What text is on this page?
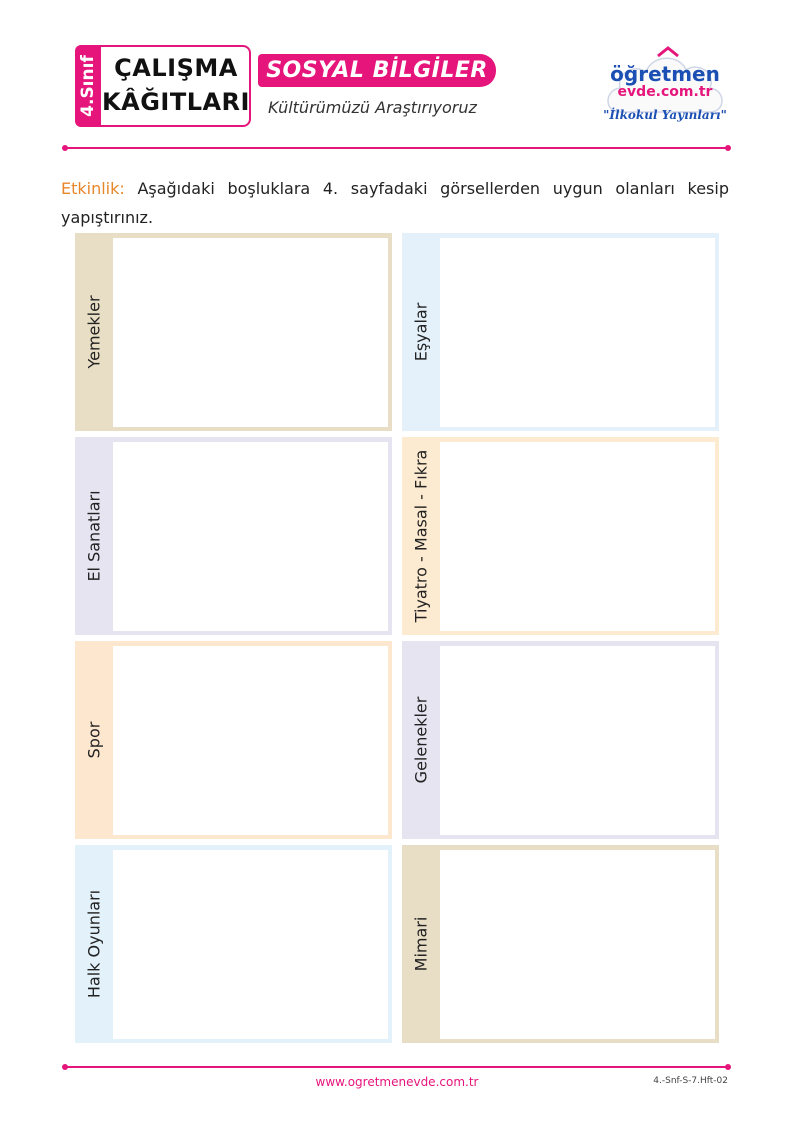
4.Sınıf ÇALIŞMA
KÂĞITLARI
SOSYAL BİLGİLER
Kültürümüzü Araştırıyoruz
öğretmen
evde.com.tr
"İlkokul Yayınları"
Etkinlik: Aşağıdaki boşluklara 4. sayfadaki görsellerden uygun olanları kesip yapıştırınız.
Yemekler	Eşyalar
El Sanatları	Tiyatro - Masal - Fıkra
Spor	Gelenekler
Halk Oyunları	Mimari
www.ogretmenevde.com.tr	4.-Snf-S-7.Hft-02
